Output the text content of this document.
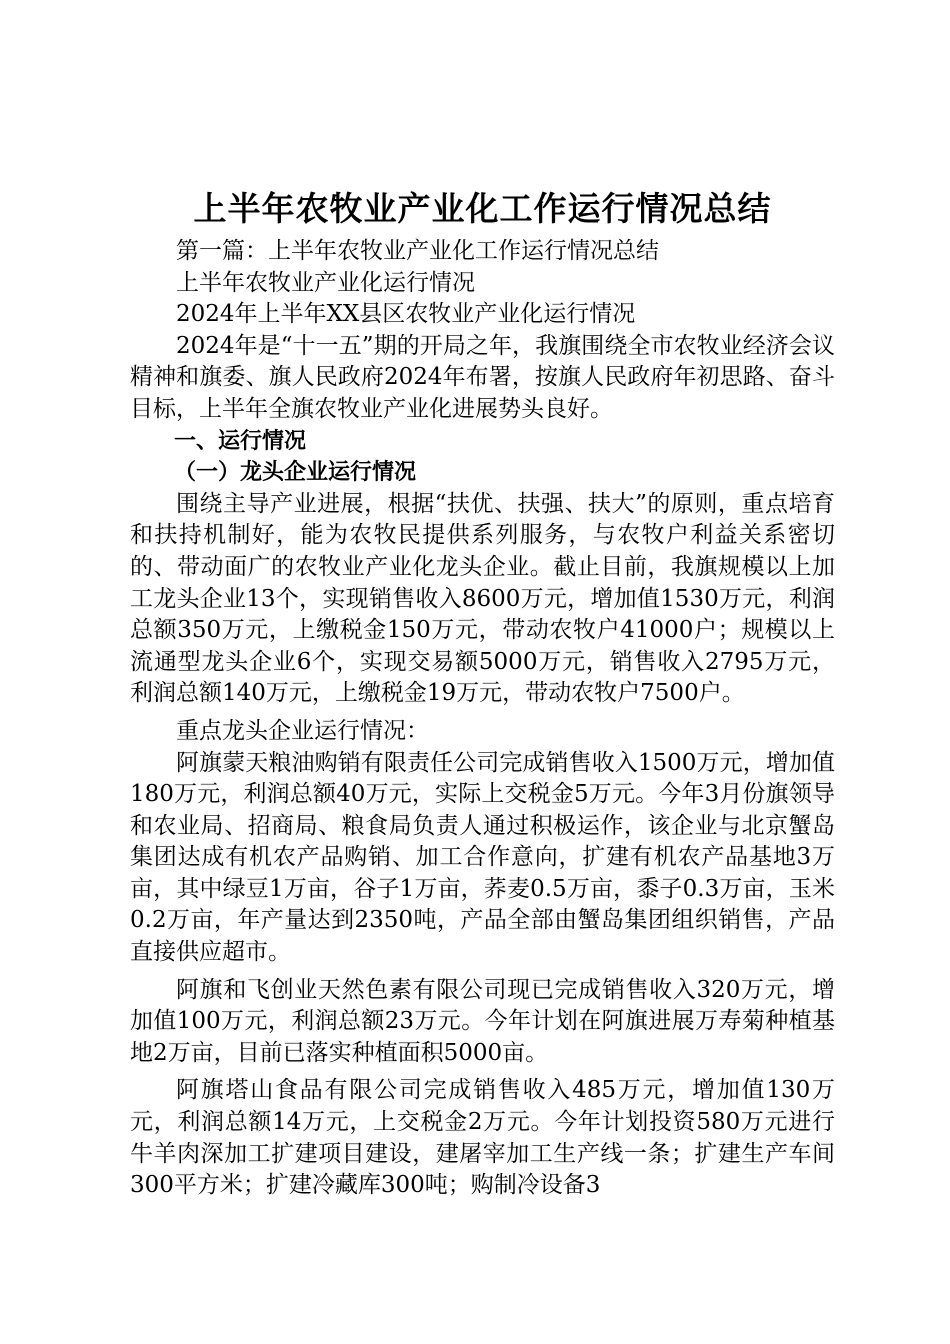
上半年农牧业产业化工作运行情况总结

第一篇：上半年农牧业产业化工作运行情况总结

上半年农牧业产业化运行情况

2024年上半年XX县区农牧业产业化运行情况

2024年是“十一五”期的开局之年，我旗围绕全市农牧业经济会议精神和旗委、旗人民政府2024年布署，按旗人民政府年初思路、奋斗目标，上半年全旗农牧业产业化进展势头良好。

一、运行情况

（一）龙头企业运行情况

围绕主导产业进展，根据“扶优、扶强、扶大”的原则，重点培育和扶持机制好，能为农牧民提供系列服务，与农牧户利益关系密切的、带动面广的农牧业产业化龙头企业。截止目前，我旗规模以上加工龙头企业13个，实现销售收入8600万元，增加值1530万元，利润总额350万元，上缴税金150万元，带动农牧户41000户；规模以上流通型龙头企业6个，实现交易额5000万元，销售收入2795万元，利润总额140万元，上缴税金19万元，带动农牧户7500户。

重点龙头企业运行情况：

阿旗蒙天粮油购销有限责任公司完成销售收入1500万元，增加值180万元，利润总额40万元，实际上交税金5万元。今年3月份旗领导和农业局、招商局、粮食局负责人通过积极运作，该企业与北京蟹岛集团达成有机农产品购销、加工合作意向，扩建有机农产品基地3万亩，其中绿豆1万亩，谷子1万亩，荞麦0.5万亩，黍子0.3万亩，玉米0.2万亩，年产量达到2350吨，产品全部由蟹岛集团组织销售，产品直接供应超市。

阿旗和飞创业天然色素有限公司现已完成销售收入320万元，增加值100万元，利润总额23万元。今年计划在阿旗进展万寿菊种植基地2万亩，目前已落实种植面积5000亩。

阿旗塔山食品有限公司完成销售收入485万元，增加值130万元，利润总额14万元，上交税金2万元。今年计划投资580万元进行牛羊肉深加工扩建项目建设，建屠宰加工生产线一条；扩建生产车间300平方米；扩建冷藏库300吨；购制冷设备3
